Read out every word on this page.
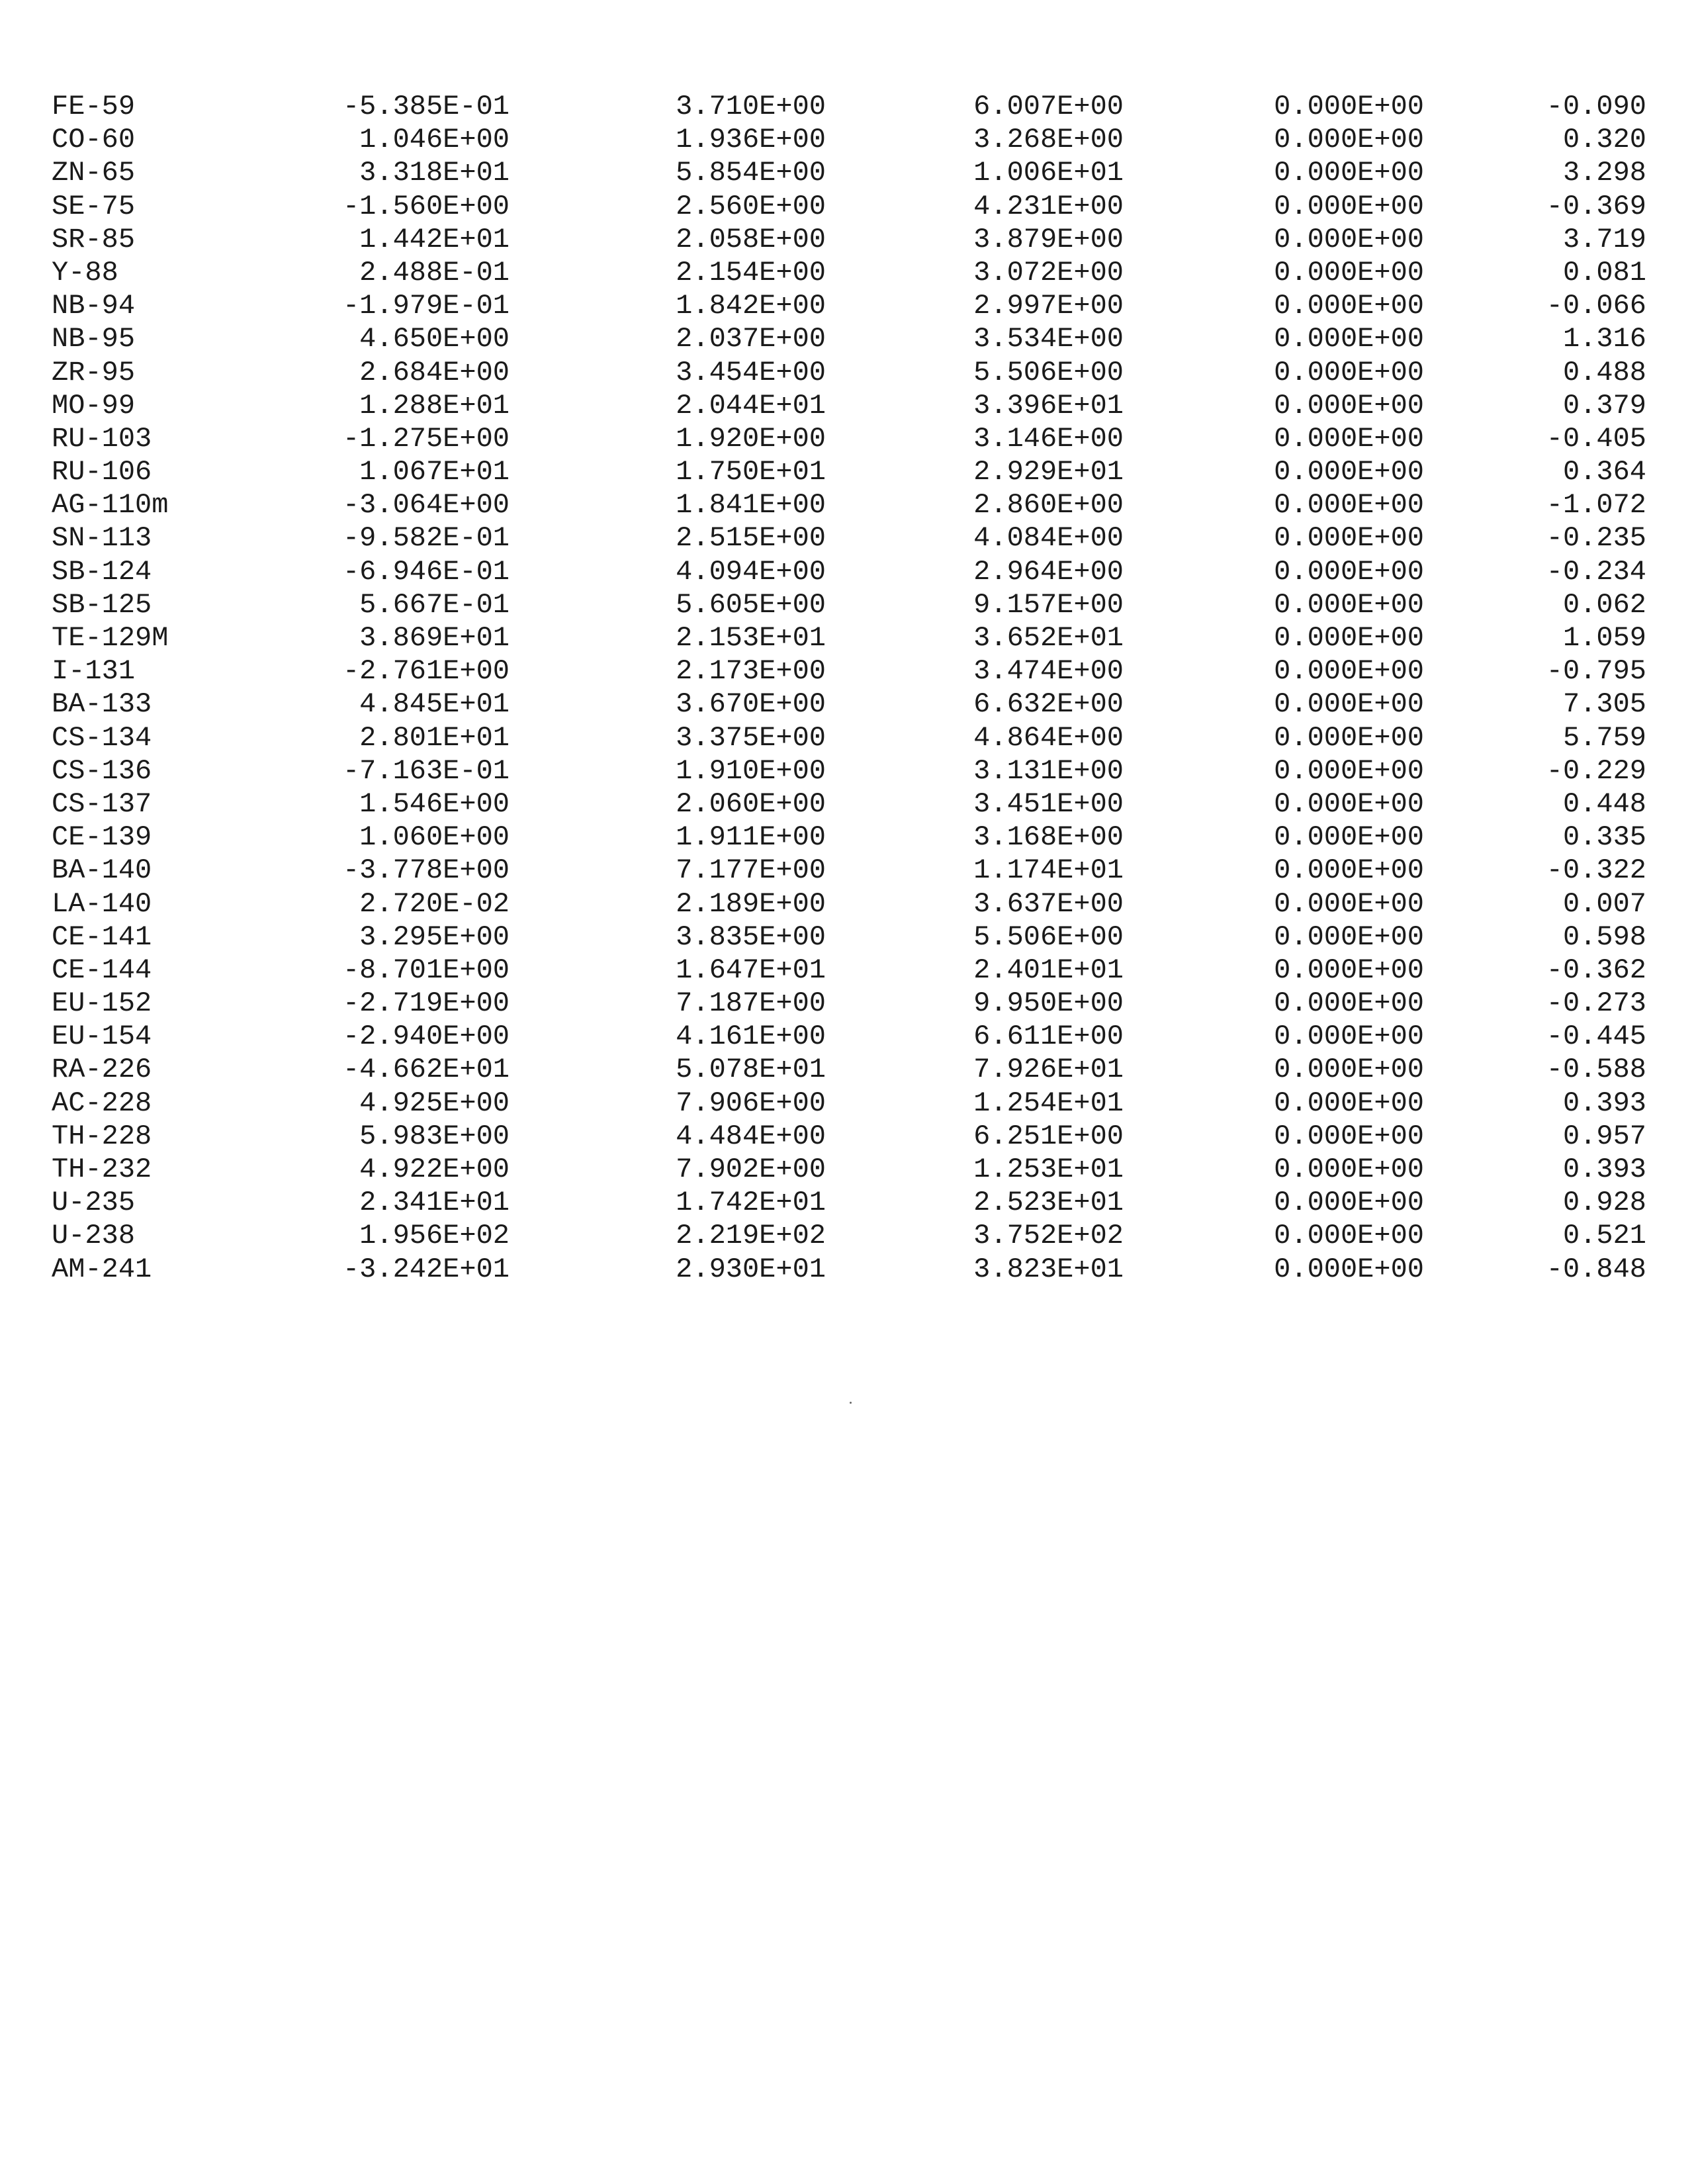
FE-59	-5.385E-01	3.710E+00	6.007E+00	0.000E+00	-0.090
CO-60	1.046E+00	1.936E+00	3.268E+00	0.000E+00	0.320
ZN-65	3.318E+01	5.854E+00	1.006E+01	0.000E+00	3.298
SE-75	-1.560E+00	2.560E+00	4.231E+00	0.000E+00	-0.369
SR-85	1.442E+01	2.058E+00	3.879E+00	0.000E+00	3.719
Y-88	2.488E-01	2.154E+00	3.072E+00	0.000E+00	0.081
NB-94	-1.979E-01	1.842E+00	2.997E+00	0.000E+00	-0.066
NB-95	4.650E+00	2.037E+00	3.534E+00	0.000E+00	1.316
ZR-95	2.684E+00	3.454E+00	5.506E+00	0.000E+00	0.488
MO-99	1.288E+01	2.044E+01	3.396E+01	0.000E+00	0.379
RU-103	-1.275E+00	1.920E+00	3.146E+00	0.000E+00	-0.405
RU-106	1.067E+01	1.750E+01	2.929E+01	0.000E+00	0.364
AG-110m	-3.064E+00	1.841E+00	2.860E+00	0.000E+00	-1.072
SN-113	-9.582E-01	2.515E+00	4.084E+00	0.000E+00	-0.235
SB-124	-6.946E-01	4.094E+00	2.964E+00	0.000E+00	-0.234
SB-125	5.667E-01	5.605E+00	9.157E+00	0.000E+00	0.062
TE-129M	3.869E+01	2.153E+01	3.652E+01	0.000E+00	1.059
I-131	-2.761E+00	2.173E+00	3.474E+00	0.000E+00	-0.795
BA-133	4.845E+01	3.670E+00	6.632E+00	0.000E+00	7.305
CS-134	2.801E+01	3.375E+00	4.864E+00	0.000E+00	5.759
CS-136	-7.163E-01	1.910E+00	3.131E+00	0.000E+00	-0.229
CS-137	1.546E+00	2.060E+00	3.451E+00	0.000E+00	0.448
CE-139	1.060E+00	1.911E+00	3.168E+00	0.000E+00	0.335
BA-140	-3.778E+00	7.177E+00	1.174E+01	0.000E+00	-0.322
LA-140	2.720E-02	2.189E+00	3.637E+00	0.000E+00	0.007
CE-141	3.295E+00	3.835E+00	5.506E+00	0.000E+00	0.598
CE-144	-8.701E+00	1.647E+01	2.401E+01	0.000E+00	-0.362
EU-152	-2.719E+00	7.187E+00	9.950E+00	0.000E+00	-0.273
EU-154	-2.940E+00	4.161E+00	6.611E+00	0.000E+00	-0.445
RA-226	-4.662E+01	5.078E+01	7.926E+01	0.000E+00	-0.588
AC-228	4.925E+00	7.906E+00	1.254E+01	0.000E+00	0.393
TH-228	5.983E+00	4.484E+00	6.251E+00	0.000E+00	0.957
TH-232	4.922E+00	7.902E+00	1.253E+01	0.000E+00	0.393
U-235	2.341E+01	1.742E+01	2.523E+01	0.000E+00	0.928
U-238	1.956E+02	2.219E+02	3.752E+02	0.000E+00	0.521
AM-241	-3.242E+01	2.930E+01	3.823E+01	0.000E+00	-0.848
